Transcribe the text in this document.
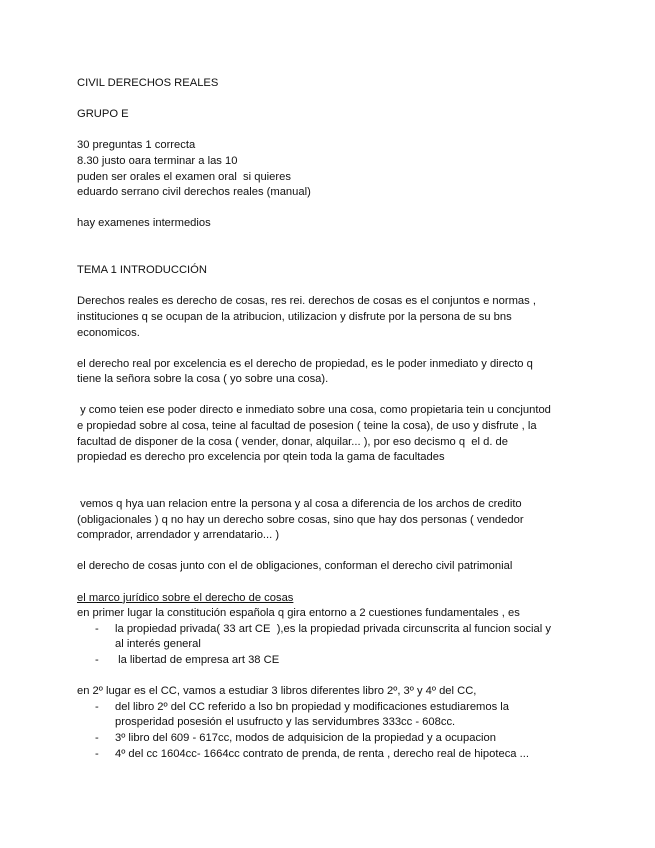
CIVIL DERECHOS REALES
GRUPO E
30 preguntas 1 correcta
8.30 justo oara terminar a las 10
puden ser orales el examen oral  si quieres
eduardo serrano civil derechos reales (manual)
hay examenes intermedios
TEMA 1 INTRODUCCIÓN

Derechos reales es derecho de cosas, res rei. derechos de cosas es el conjuntos e normas ,
instituciones q se ocupan de la atribucion, utilizacion y disfrute por la persona de su bns
economicos.

el derecho real por excelencia es el derecho de propiedad, es le poder inmediato y directo q
tiene la señora sobre la cosa ( yo sobre una cosa).

y como teien ese poder directo e inmediato sobre una cosa, como propietaria tein u concjuntod
e propiedad sobre al cosa, teine al facultad de posesion ( teine la cosa), de uso y disfrute , la
facultad de disponer de la cosa ( vender, donar, alquilar... ), por eso decismo q  el d. de
propiedad es derecho pro excelencia por qtein toda la gama de facultades

vemos q hya uan relacion entre la persona y al cosa a diferencia de los archos de credito
(obligacionales ) q no hay un derecho sobre cosas, sino que hay dos personas ( vendedor
comprador, arrendador y arrendatario... )

el derecho de cosas junto con el de obligaciones, conforman el derecho civil patrimonial

el marco jurídico sobre el derecho de cosas
en primer lugar la constitución española q gira entorno a 2 cuestiones fundamentales , es
- la propiedad privada( 33 art CE  ),es la propiedad privada circunscrita al funcion social y
al interés general
- la libertad de empresa art 38 CE
en 2º lugar es el CC, vamos a estudiar 3 libros diferentes libro 2º, 3º y 4º del CC,
- del libro 2º del CC referido a lso bn propiedad y modificaciones estudiaremos la
prosperidad posesión el usufructo y las servidumbres 333cc - 608cc.
- 3º libro del 609 - 617cc, modos de adquisicion de la propiedad y a ocupacion
- 4º del cc 1604cc- 1664cc contrato de prenda, de renta , derecho real de hipoteca ...
